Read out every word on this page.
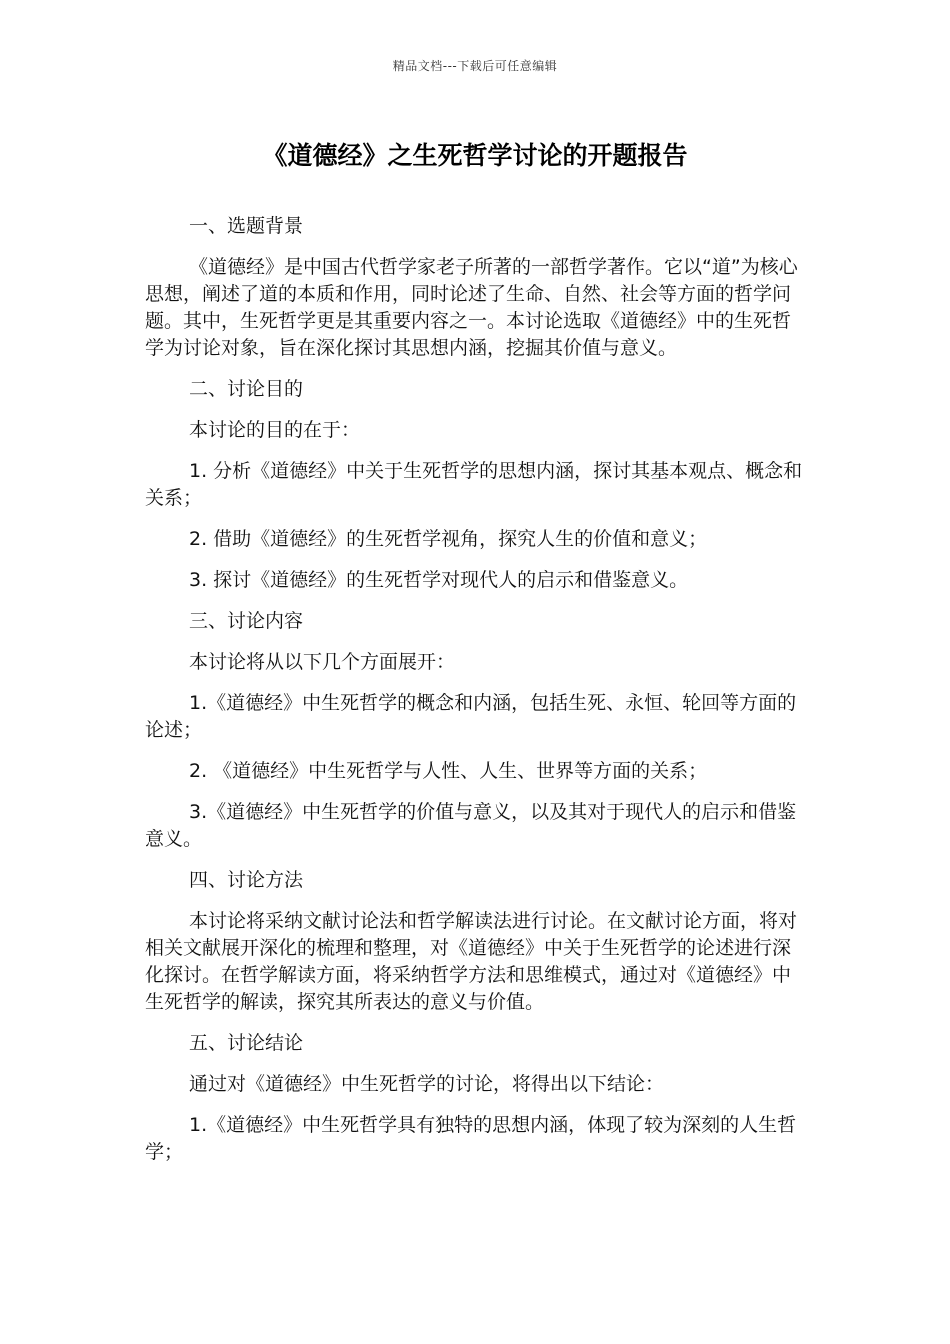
精品文档---下载后可任意编辑
《道德经》之生死哲学讨论的开题报告

一、选题背景

《道德经》是中国古代哲学家老子所著的一部哲学著作。它以“道”为核心思想，阐述了道的本质和作用，同时论述了生命、自然、社会等方面的哲学问题。其中，生死哲学更是其重要内容之一。本讨论选取《道德经》中的生死哲学为讨论对象，旨在深化探讨其思想内涵，挖掘其价值与意义。

二、讨论目的

本讨论的目的在于：

1. 分析《道德经》中关于生死哲学的思想内涵，探讨其基本观点、概念和关系；

2. 借助《道德经》的生死哲学视角，探究人生的价值和意义；

3. 探讨《道德经》的生死哲学对现代人的启示和借鉴意义。

三、讨论内容

本讨论将从以下几个方面展开：

1.《道德经》中生死哲学的概念和内涵，包括生死、永恒、轮回等方面的论述；

2. 《道德经》中生死哲学与人性、人生、世界等方面的关系；

3.《道德经》中生死哲学的价值与意义，以及其对于现代人的启示和借鉴意义。

四、讨论方法

本讨论将采纳文献讨论法和哲学解读法进行讨论。在文献讨论方面，将对相关文献展开深化的梳理和整理，对《道德经》中关于生死哲学的论述进行深化探讨。在哲学解读方面，将采纳哲学方法和思维模式，通过对《道德经》中生死哲学的解读，探究其所表达的意义与价值。

五、讨论结论

通过对《道德经》中生死哲学的讨论，将得出以下结论：

1.《道德经》中生死哲学具有独特的思想内涵，体现了较为深刻的人生哲学；
